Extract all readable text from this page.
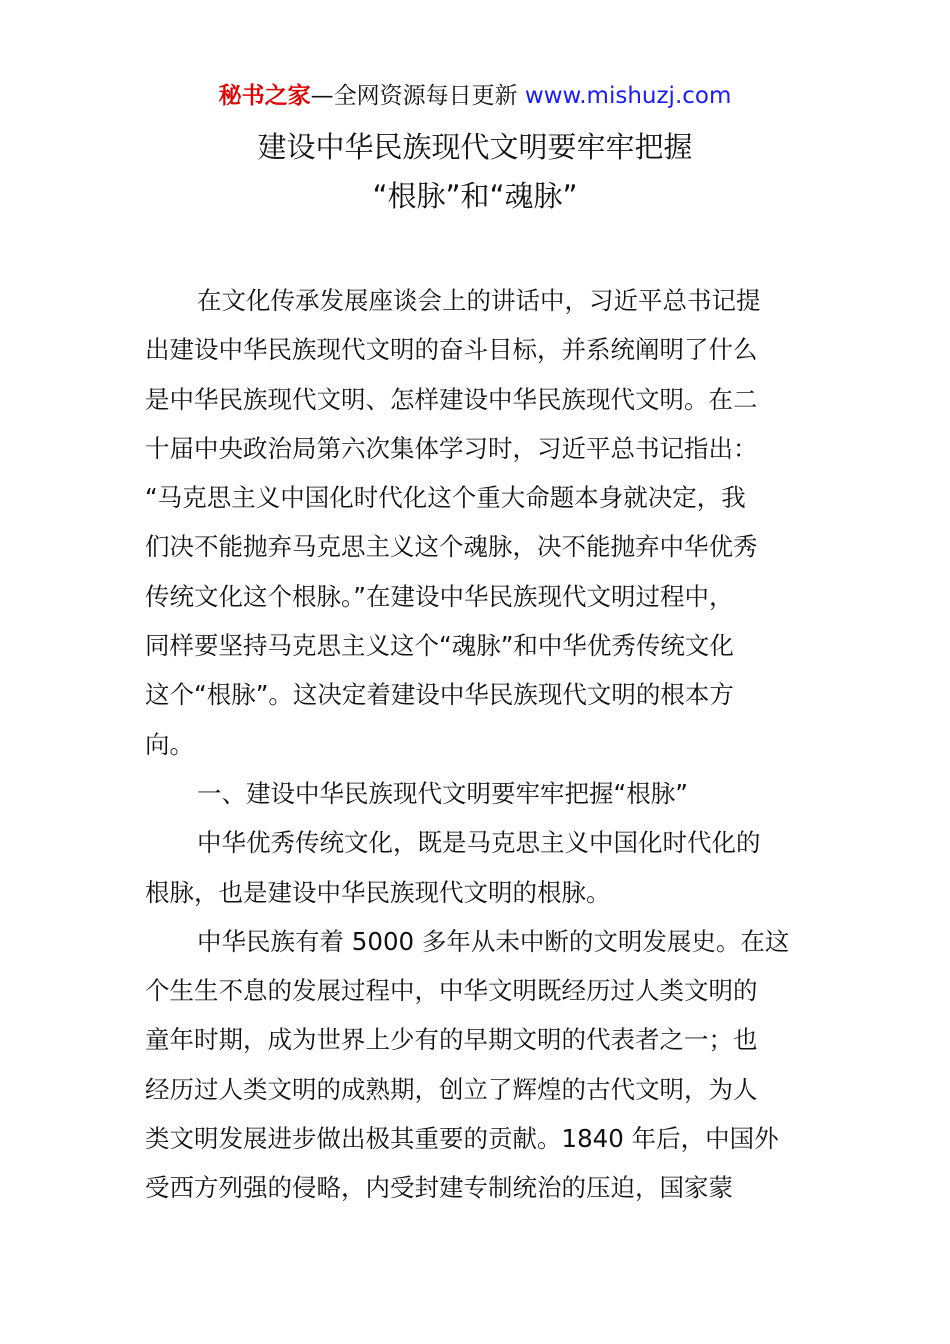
秘书之家—全网资源每日更新 www.mishuzj.com
建设中华民族现代文明要牢牢把握
“根脉”和“魂脉”
在文化传承发展座谈会上的讲话中，习近平总书记提
出建设中华民族现代文明的奋斗目标，并系统阐明了什么
是中华民族现代文明、怎样建设中华民族现代文明。在二
十届中央政治局第六次集体学习时，习近平总书记指出：
“马克思主义中国化时代化这个重大命题本身就决定，我
们决不能抛弃马克思主义这个魂脉，决不能抛弃中华优秀
传统文化这个根脉。”在建设中华民族现代文明过程中，
同样要坚持马克思主义这个“魂脉”和中华优秀传统文化
这个“根脉”。这决定着建设中华民族现代文明的根本方
向。
一、建设中华民族现代文明要牢牢把握“根脉”
中华优秀传统文化，既是马克思主义中国化时代化的
根脉，也是建设中华民族现代文明的根脉。
中华民族有着 5000 多年从未中断的文明发展史。在这
个生生不息的发展过程中，中华文明既经历过人类文明的
童年时期，成为世界上少有的早期文明的代表者之一；也
经历过人类文明的成熟期，创立了辉煌的古代文明，为人
类文明发展进步做出极其重要的贡献。1840 年后，中国外
受西方列强的侵略，内受封建专制统治的压迫，国家蒙
